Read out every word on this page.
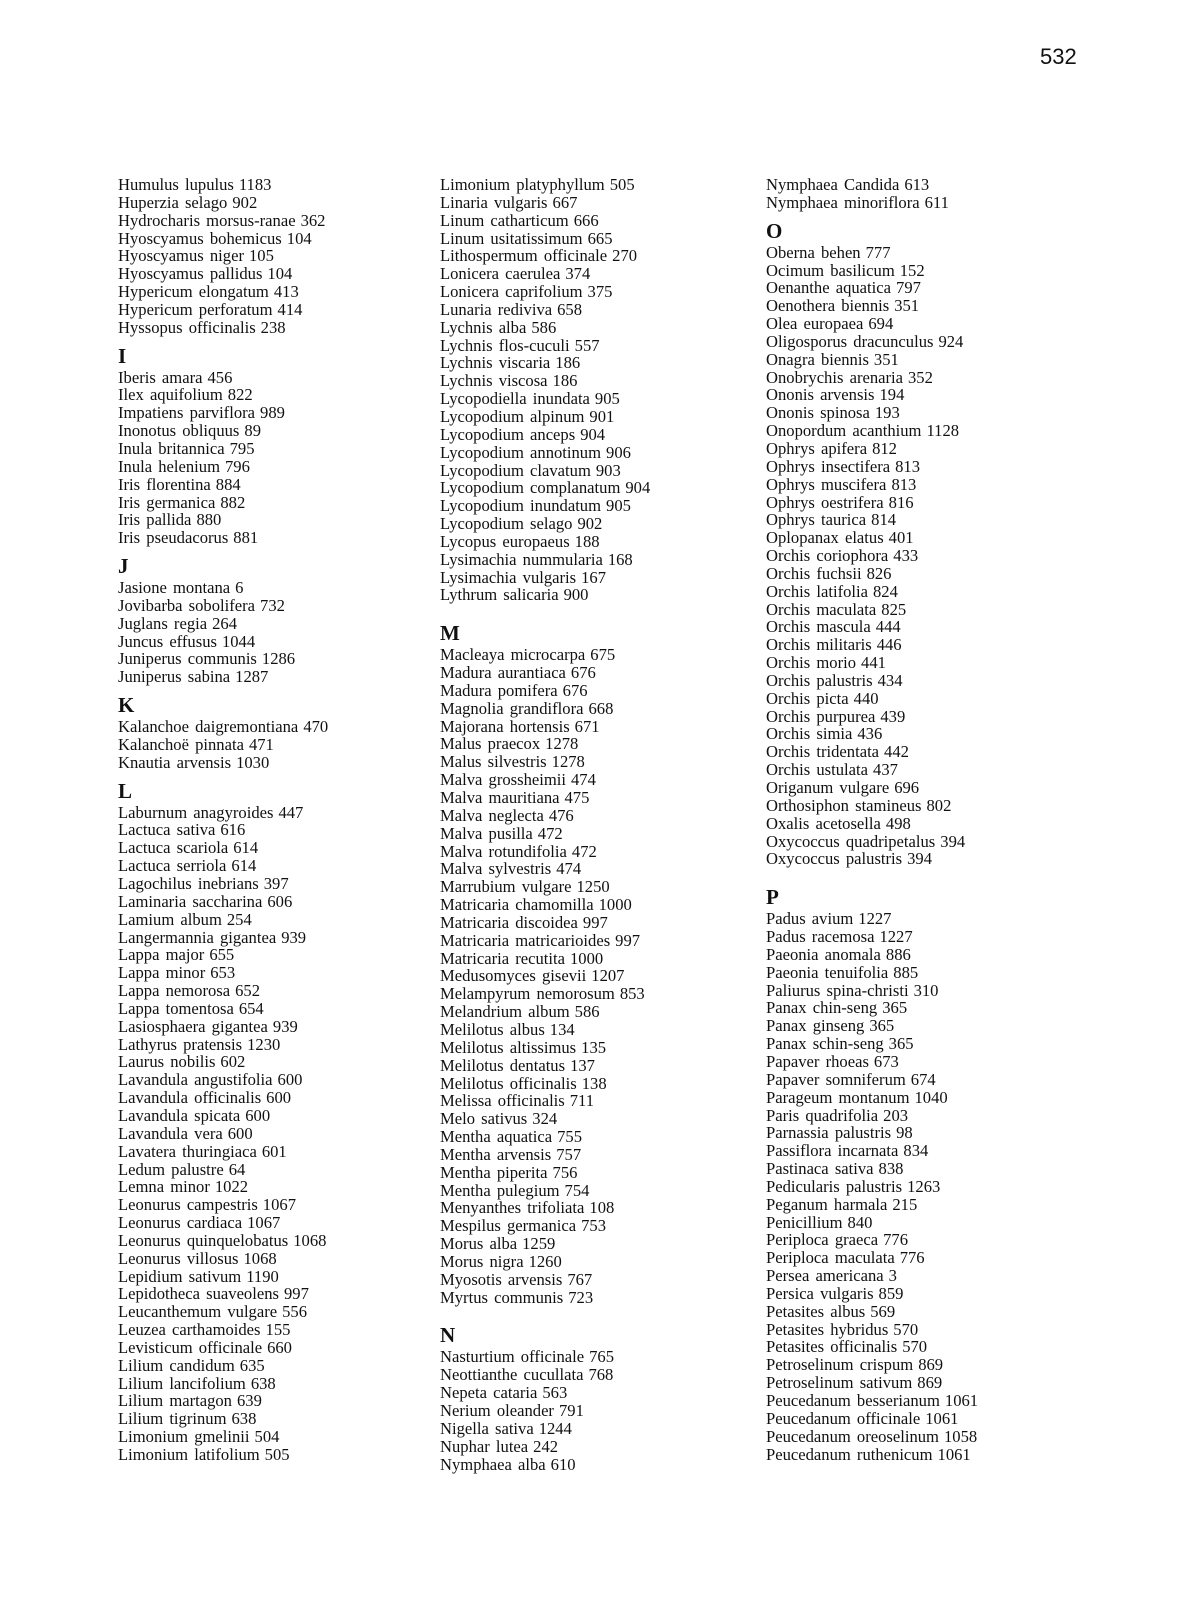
532
Humulus lupulus 1183
Huperzia selago 902
Hydrocharis morsus-ranae 362
Hyoscyamus bohemicus 104
Hyoscyamus niger 105
Hyoscyamus pallidus 104
Hypericum elongatum 413
Hypericum perforatum 414
Hyssopus officinalis 238
I
Iberis amara 456
Ilex aquifolium 822
Impatiens parviflora 989
Inonotus obliquus 89
Inula britannica 795
Inula helenium 796
Iris florentina 884
Iris germanica 882
Iris pallida 880
Iris pseudacorus 881
J
Jasione montana 6
Jovibarba sobolifera 732
Juglans regia 264
Juncus effusus 1044
Juniperus communis 1286
Juniperus sabina 1287
K
Kalanchoe daigremontiana 470
Kalanchoë pinnata 471
Knautia arvensis 1030
L
Laburnum anagyroides 447
Lactuca sativa 616
Lactuca scariola 614
Lactuca serriola 614
Lagochilus inebrians 397
Laminaria saccharina 606
Lamium album 254
Langermannia gigantea 939
Lappa major 655
Lappa minor 653
Lappa nemorosa 652
Lappa tomentosa 654
Lasiosphaera gigantea 939
Lathyrus pratensis 1230
Laurus nobilis 602
Lavandula angustifolia 600
Lavandula officinalis 600
Lavandula spicata 600
Lavandula vera 600
Lavatera thuringiaca 601
Ledum palustre 64
Lemna minor 1022
Leonurus campestris 1067
Leonurus cardiaca 1067
Leonurus quinquelobatus 1068
Leonurus villosus 1068
Lepidium sativum 1190
Lepidotheca suaveolens 997
Leucanthemum vulgare 556
Leuzea carthamoides 155
Levisticum officinale 660
Lilium candidum 635
Lilium lancifolium 638
Lilium martagon 639
Lilium tigrinum 638
Limonium gmelinii 504
Limonium latifolium 505
Limonium platyphyllum 505
Linaria vulgaris 667
Linum catharticum 666
Linum usitatissimum 665
Lithospermum officinale 270
Lonicera caerulea 374
Lonicera caprifolium 375
Lunaria rediviva 658
Lychnis alba 586
Lychnis flos-cuculi 557
Lychnis viscaria 186
Lychnis viscosa 186
Lycopodiella inundata 905
Lycopodium alpinum 901
Lycopodium anceps 904
Lycopodium annotinum 906
Lycopodium clavatum 903
Lycopodium complanatum 904
Lycopodium inundatum 905
Lycopodium selago 902
Lycopus europaeus 188
Lysimachia nummularia 168
Lysimachia vulgaris 167
Lythrum salicaria 900
M
Macleaya microcarpa 675
Madura aurantiaca 676
Madura pomifera 676
Magnolia grandiflora 668
Majorana hortensis 671
Malus praecox 1278
Malus silvestris 1278
Malva grossheimii 474
Malva mauritiana 475
Malva neglecta 476
Malva pusilla 472
Malva rotundifolia 472
Malva sylvestris 474
Marrubium vulgare 1250
Matricaria chamomilla 1000
Matricaria discoidea 997
Matricaria matricarioides 997
Matricaria recutita 1000
Medusomyces gisevii 1207
Melampyrum nemorosum 853
Melandrium album 586
Melilotus albus 134
Melilotus altissimus 135
Melilotus dentatus 137
Melilotus officinalis 138
Melissa officinalis 711
Melo sativus 324
Mentha aquatica 755
Mentha arvensis 757
Mentha piperita 756
Mentha pulegium 754
Menyanthes trifoliata 108
Mespilus germanica 753
Morus alba 1259
Morus nigra 1260
Myosotis arvensis 767
Myrtus communis 723
N
Nasturtium officinale 765
Neottianthe cucullata 768
Nepeta cataria 563
Nerium oleander 791
Nigella sativa 1244
Nuphar lutea 242
Nymphaea alba 610
Nymphaea Candida 613
Nymphaea minoriflora 611
O
Oberna behen 777
Ocimum basilicum 152
Oenanthe aquatica 797
Oenothera biennis 351
Olea europaea 694
Oligosporus dracunculus 924
Onagra biennis 351
Onobrychis arenaria 352
Ononis arvensis 194
Ononis spinosa 193
Onopordum acanthium 1128
Ophrys apifera 812
Ophrys insectifera 813
Ophrys muscifera 813
Ophrys oestrifera 816
Ophrys taurica 814
Oplopanax elatus 401
Orchis coriophora 433
Orchis fuchsii 826
Orchis latifolia 824
Orchis maculata 825
Orchis mascula 444
Orchis militaris 446
Orchis morio 441
Orchis palustris 434
Orchis picta 440
Orchis purpurea 439
Orchis simia 436
Orchis tridentata 442
Orchis ustulata 437
Origanum vulgare 696
Orthosiphon stamineus 802
Oxalis acetosella 498
Oxycoccus quadripetalus 394
Oxycoccus palustris 394
P
Padus avium 1227
Padus racemosa 1227
Paeonia anomala 886
Paeonia tenuifolia 885
Paliurus spina-christi 310
Panax chin-seng 365
Panax ginseng 365
Panax schin-seng 365
Papaver rhoeas 673
Papaver somniferum 674
Parageum montanum 1040
Paris quadrifolia 203
Parnassia palustris 98
Passiflora incarnata 834
Pastinaca sativa 838
Pedicularis palustris 1263
Peganum harmala 215
Penicillium 840
Periploca graeca 776
Periploca maculata 776
Persea americana 3
Persica vulgaris 859
Petasites albus 569
Petasites hybridus 570
Petasites officinalis 570
Petroselinum crispum 869
Petroselinum sativum 869
Peucedanum besserianum 1061
Peucedanum officinale 1061
Peucedanum oreoselinum 1058
Peucedanum ruthenicum 1061
